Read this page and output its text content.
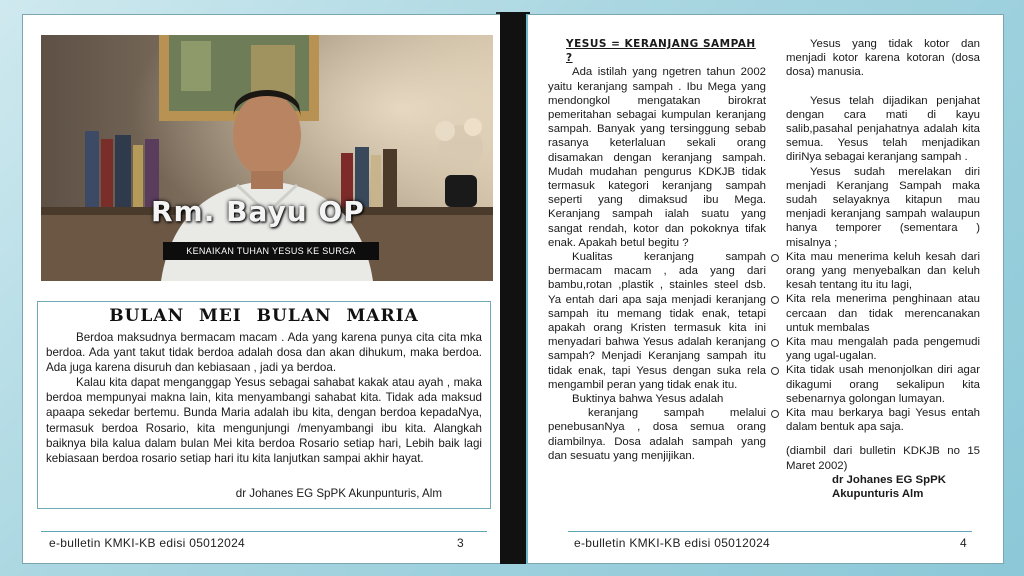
Rm. Bayu OP
KENAIKAN TUHAN YESUS KE SURGA
BULAN MEI BULAN MARIA

Berdoa maksudnya bermacam macam . Ada yang karena punya cita cita mka berdoa. Ada yant takut tidak berdoa adalah dosa dan akan dihukum, maka berdoa. Ada juga karena disuruh dan kebiasaan , jadi ya berdoa.

Kalau kita dapat menganggap Yesus sebagai sahabat kakak atau ayah , maka berdoa mempunyai makna lain, kita menyambangi sahabat kita. Tidak ada maksud apaapa sekedar bertemu. Bunda Maria adalah ibu kita, dengan berdoa kepadaNya, termasuk berdoa Rosario, kita mengunjungi /menyambangi ibu kita. Alangkah baiknya bila kalua dalam bulan Mei kita berdoa Rosario setiap hari, Lebih baik lagi kebiasaan berdoa rosario setiap hari itu kita lanjutkan sampai akhir hayat.

dr Johanes EG SpPK Akunpunturis, Alm
e-bulletin KMKI-KB edisi 05012024	3
YESUS = KERANJANG SAMPAH ?

Ada istilah yang ngetren tahun 2002 yaitu keranjang sampah . Ibu Mega yang mendongkol mengatakan birokrat pemeritahan sebagai kumpulan keranjang sampah. Banyak yang tersinggung sebab rasanya keterlaluan sekali orang disamakan dengan keranjang sampah. Mudah mudahan pengurus KDKJB tidak termasuk kategori keranjang sampah seperti yang dimaksud ibu Mega. Keranjang sampah ialah suatu yang sangat rendah, kotor dan pokoknya tifak enak. Apakah betul begitu ?

Kualitas keranjang sampah bermacam macam , ada yang dari bambu,rotan ,plastik , stainles steel dsb. Ya entah dari apa saja menjadi keranjang sampah itu memang tidak enak, tetapi apakah orang Kristen termasuk kita ini menyadari bahwa Yesus adalah keranjang sampah? Menjadi Keranjang sampah itu tidak enak, tapi Yesus dengan suka rela mengambil peran yang tidak enak itu.

Buktinya bahwa Yesus adalah

keranjang sampah melalui penebusanNya , dosa semua orang diambilnya. Dosa adalah sampah yang dan sesuatu yang menjijikan.

Yesus yang tidak kotor dan menjadi kotor karena kotoran (dosa dosa) manusia.

Yesus telah dijadikan penjahat dengan cara mati di kayu salib,pasahal penjahatnya adalah kita semua. Yesus telah menjadikan diriNya sebagai keranjang sampah .

Yesus sudah merelakan diri menjadi Keranjang Sampah maka sudah selayaknya kitapun mau menjadi keranjang sampah walaupun hanya temporer (sementara ) misalnya ;

Kita mau menerima keluh kesah dari orang yang menyebalkan dan keluh kesah tentang itu itu lagi,
Kita rela menerima penghinaan atau cercaan dan tidak merencanakan untuk membalas
Kita mau mengalah pada pengemudi yang ugal-ugalan.
Kita tidak usah menonjolkan diri agar dikagumi orang sekalipun kita sebenarnya golongan lumayan.
Kita mau berkarya bagi Yesus entah dalam bentuk apa saja.

(diambil dari bulletin KDKJB no 15 Maret 2002)

dr Johanes EG SpPK
Akupunturis Alm
e-bulletin KMKI-KB edisi 05012024	4
